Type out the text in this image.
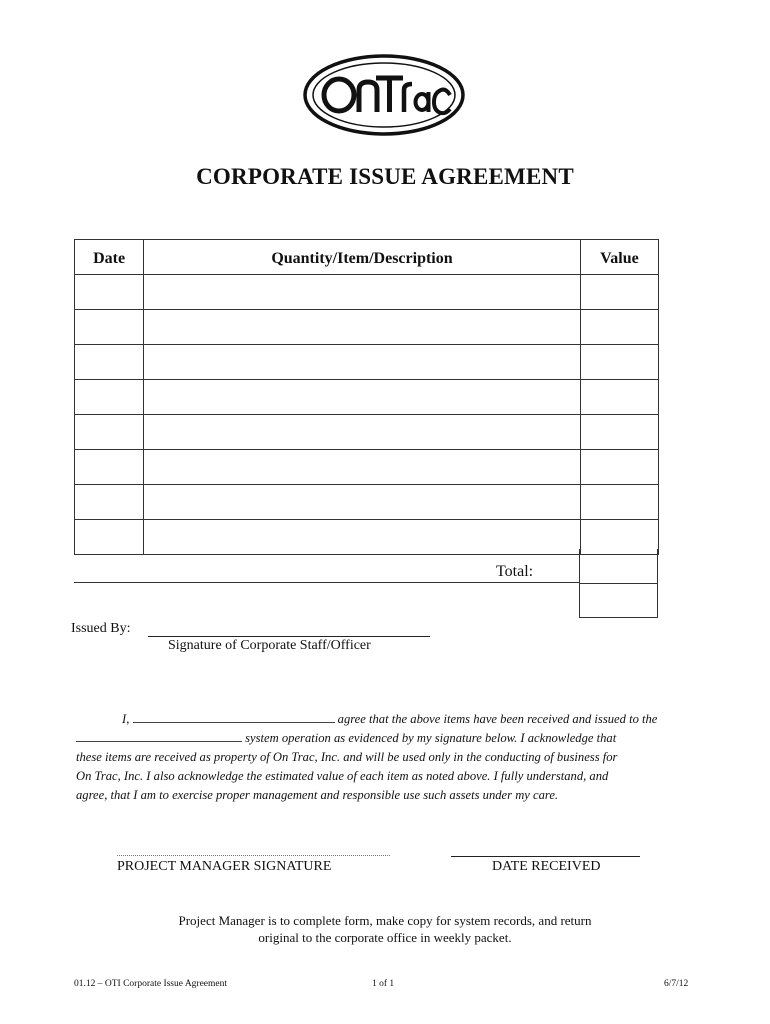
CORPORATE ISSUE AGREEMENT
Date	Quantity/Item/Description	Value

Total:
Issued By:
Signature of Corporate Staff/Officer
I,	agree that the above items have been received and issued to the
system operation as evidenced by my signature below. I acknowledge that
these items are received as property of On Trac, Inc. and will be used only in the conducting of business for
On Trac, Inc. I also acknowledge the estimated value of each item as noted above. I fully understand, and
agree, that I am to exercise proper management and responsible use such assets under my care.
PROJECT MANAGER SIGNATURE	DATE RECEIVED
Project Manager is to complete form, make copy for system records, and return
original to the corporate office in weekly packet.
01.12 – OTI Corporate Issue Agreement	1 of 1	6/7/12
